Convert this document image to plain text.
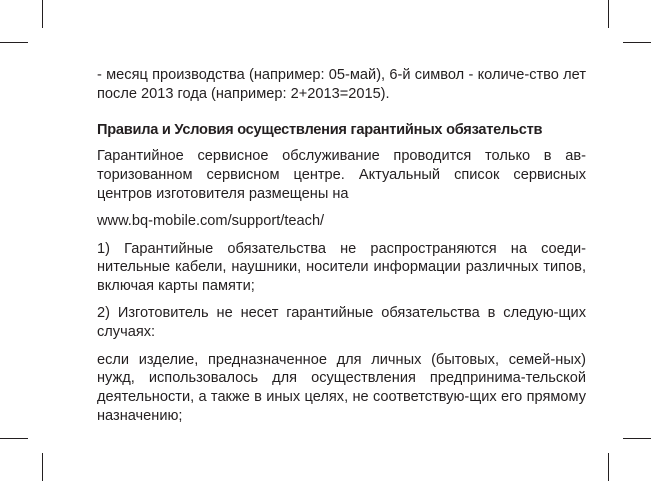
- месяц производства (например: 05-май), 6-й символ - количе-ство лет после 2013 года (например: 2+2013=2015).

Правила и Условия осуществления гарантийных обязательств

Гарантийное сервисное обслуживание проводится только в ав-торизованном сервисном центре. Актуальный список сервисных центров изготовителя размещены на

www.bq-mobile.com/support/teach/

1) Гарантийные обязательства не распространяются на соеди-нительные кабели, наушники, носители информации различных типов, включая карты памяти;

2) Изготовитель не несет гарантийные обязательства в следую-щих случаях:

если изделие, предназначенное для личных (бытовых, семей-ных) нужд, использовалось для осуществления предпринима-тельской деятельности, а также в иных целях, не соответствую-щих его прямому назначению;
